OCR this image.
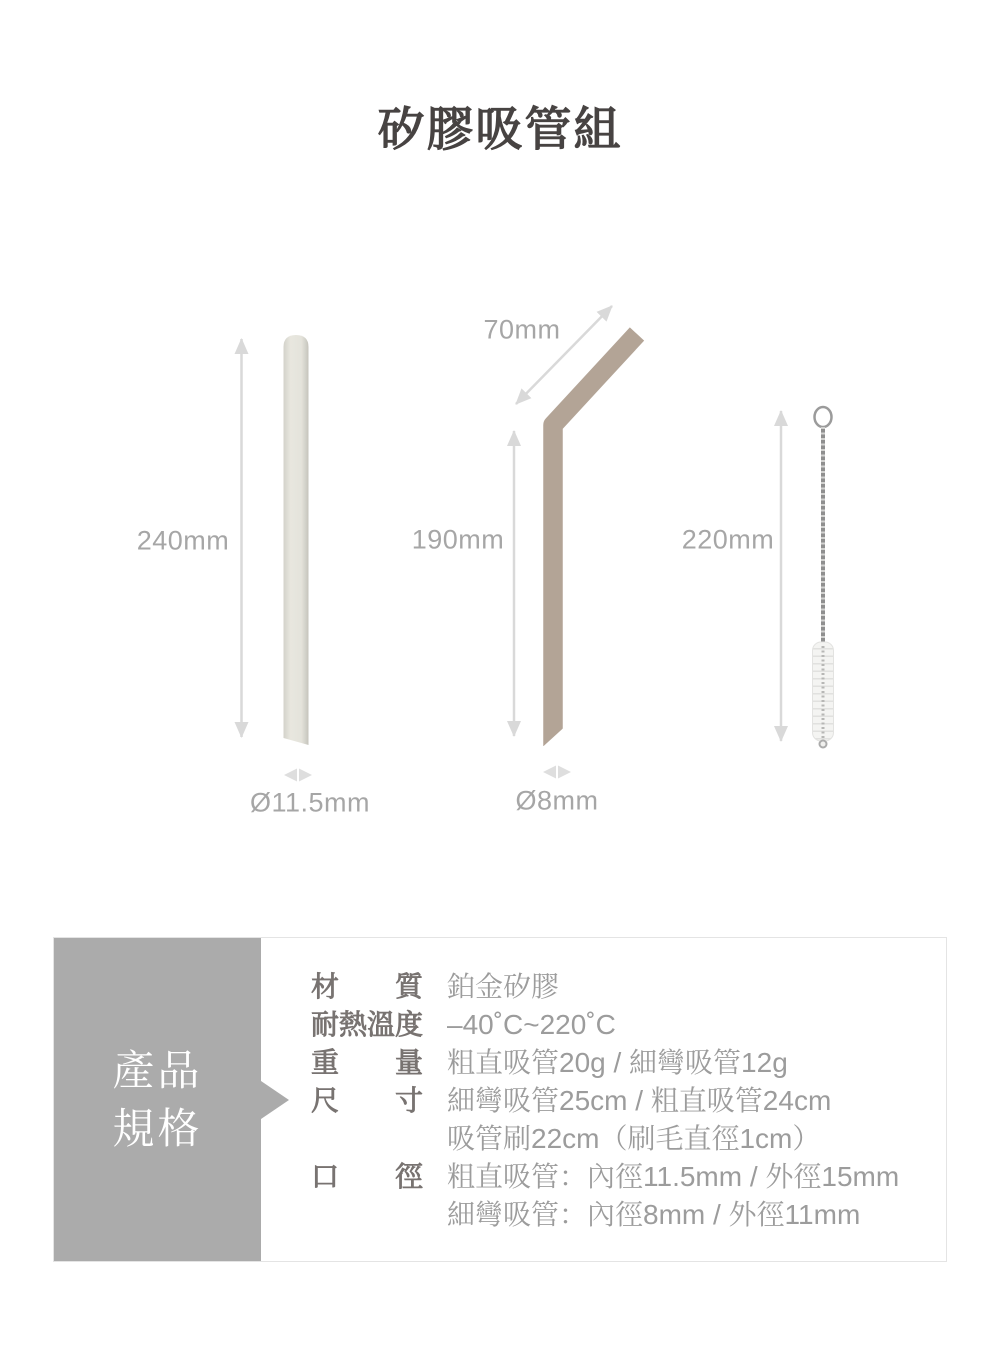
矽膠吸管組
240mm
Ø11.5mm
70mm
190mm
Ø8mm
220mm
產品
規格
材質 鉑金矽膠
耐熱溫度 –40˚C~220˚C
重量 粗直吸管20g / 細彎吸管12g
尺寸 細彎吸管25cm / 粗直吸管24cm
吸管刷22cm（刷毛直徑1cm）
口徑 粗直吸管：內徑11.5mm / 外徑15mm
細彎吸管：內徑8mm / 外徑11mm
